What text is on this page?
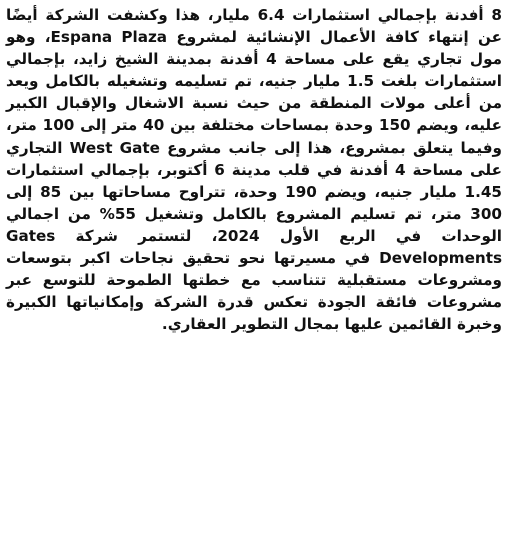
8 أفدنة بإجمالي استثمارات 6.4 مليار، هذا وكشفت الشركة أيضًا عن إنتهاء كافة الأعمال الإنشائية لمشروع Espana Plaza، وهو مول تجاري يقع على مساحة 4 أفدنة بمدينة الشيخ زايد، بإجمالي استثمارات بلغت 1.5 مليار جنيه، تم تسليمه وتشغيله بالكامل ويعد من أعلى مولات المنطقة من حيث نسبة الاشغال والإقبال الكبير عليه، ويضم 150 وحدة بمساحات مختلفة بين 40 متر إلى 100 متر، وفيما يتعلق بمشروع، هذا إلى جانب مشروع West Gate التجاري على مساحة 4 أفدنة في قلب مدينة 6 أكتوبر، بإجمالي استثمارات 1.45 مليار جنيه، ويضم 190 وحدة، تتراوح مساحاتها بين 85 إلى 300 متر، تم تسليم المشروع بالكامل وتشغيل 55% من اجمالي الوحدات في الربع الأول 2024، لتستمر شركة Gates Developments في مسيرتها نحو تحقيق نجاحات اكبر بتوسعات ومشروعات مستقبلية تتناسب مع خطتها الطموحة للتوسع عبر مشروعات فائقة الجودة تعكس قدرة الشركة وإمكانياتها الكبيرة وخبرة القائمين عليها بمجال التطوير العقاري.
